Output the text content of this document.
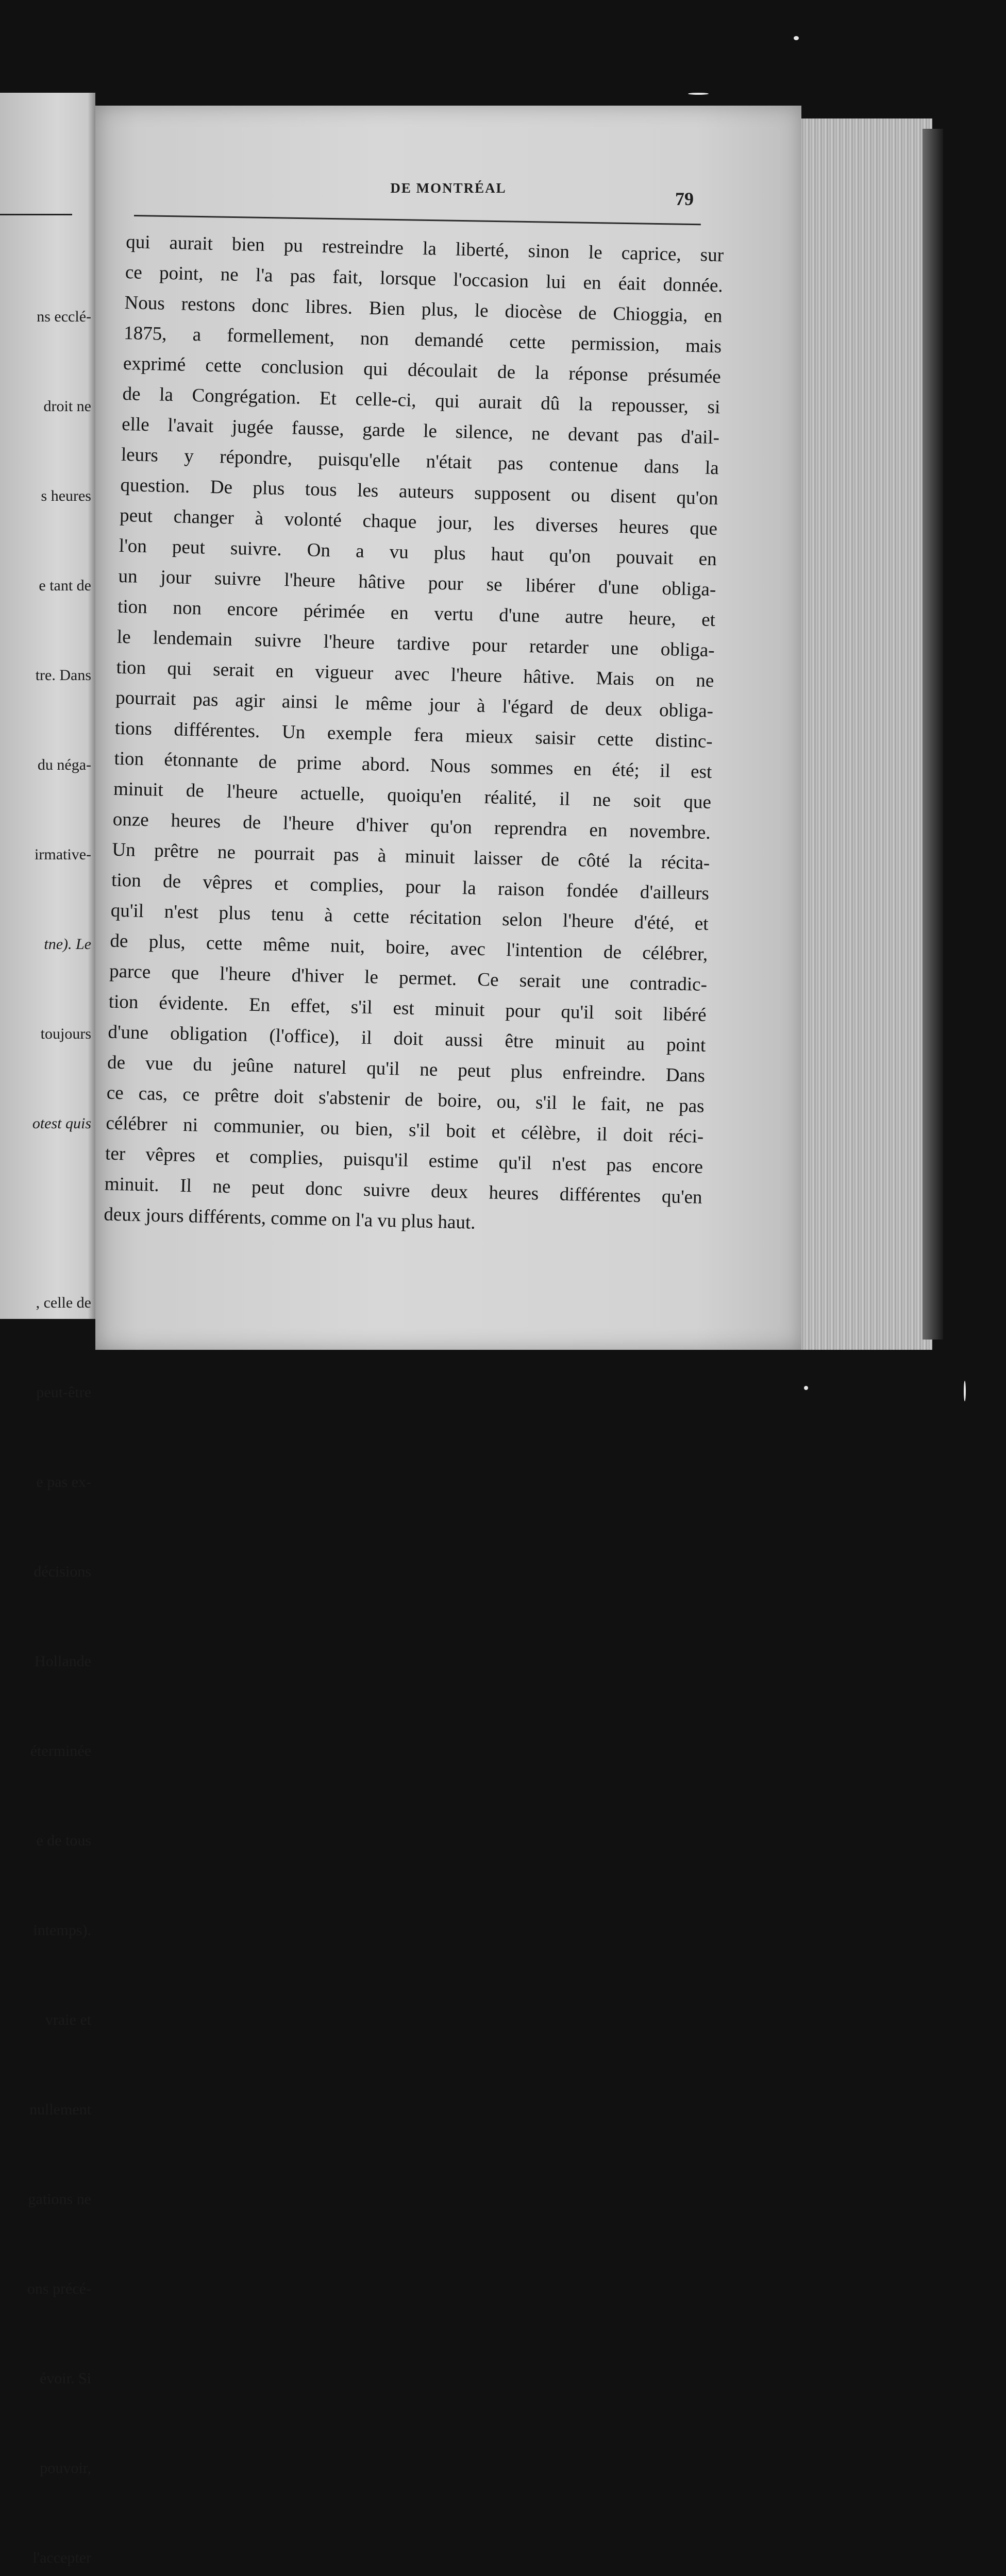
ns ecclé-

droit ne

s heures

e tant de

tre. Dans

du néga-

irmative-

tne). Le

toujours

otest quis

, celle de

peut-être

e pas ex-

décisions

Hollande

éterminée

e de tous

intemps).

vraie et

nullement

gations ne

ons précé-

évoir. Si

pouvoir,

l'accepter

DE MONTRÉAL
79
qui aurait bien pu restreindre la liberté, sinon le caprice, sur
ce point, ne l'a pas fait, lorsque l'occasion lui en éait donnée.
Nous restons donc libres. Bien plus, le diocèse de Chioggia, en
1875, a formellement, non demandé cette permission, mais
exprimé cette conclusion qui découlait de la réponse présumée
de la Congrégation. Et celle-ci, qui aurait dû la repousser, si
elle l'avait jugée fausse, garde le silence, ne devant pas d'ail-
leurs y répondre, puisqu'elle n'était pas contenue dans la
question. De plus tous les auteurs supposent ou disent qu'on
peut changer à volonté chaque jour, les diverses heures que
l'on peut suivre. On a vu plus haut qu'on pouvait en
un jour suivre l'heure hâtive pour se libérer d'une obliga-
tion non encore périmée en vertu d'une autre heure, et
le lendemain suivre l'heure tardive pour retarder une obliga-
tion qui serait en vigueur avec l'heure hâtive. Mais on ne
pourrait pas agir ainsi le même jour à l'égard de deux obliga-
tions différentes. Un exemple fera mieux saisir cette distinc-
tion étonnante de prime abord. Nous sommes en été; il est
minuit de l'heure actuelle, quoiqu'en réalité, il ne soit que
onze heures de l'heure d'hiver qu'on reprendra en novembre.
Un prêtre ne pourrait pas à minuit laisser de côté la récita-
tion de vêpres et complies, pour la raison fondée d'ailleurs
qu'il n'est plus tenu à cette récitation selon l'heure d'été, et
de plus, cette même nuit, boire, avec l'intention de célébrer,
parce que l'heure d'hiver le permet. Ce serait une contradic-
tion évidente. En effet, s'il est minuit pour qu'il soit libéré
d'une obligation (l'office), il doit aussi être minuit au point
de vue du jeûne naturel qu'il ne peut plus enfreindre. Dans
ce cas, ce prêtre doit s'abstenir de boire, ou, s'il le fait, ne pas
célébrer ni communier, ou bien, s'il boit et célèbre, il doit réci-
ter vêpres et complies, puisqu'il estime qu'il n'est pas encore
minuit. Il ne peut donc suivre deux heures différentes qu'en
deux jours différents, comme on l'a vu plus haut.
